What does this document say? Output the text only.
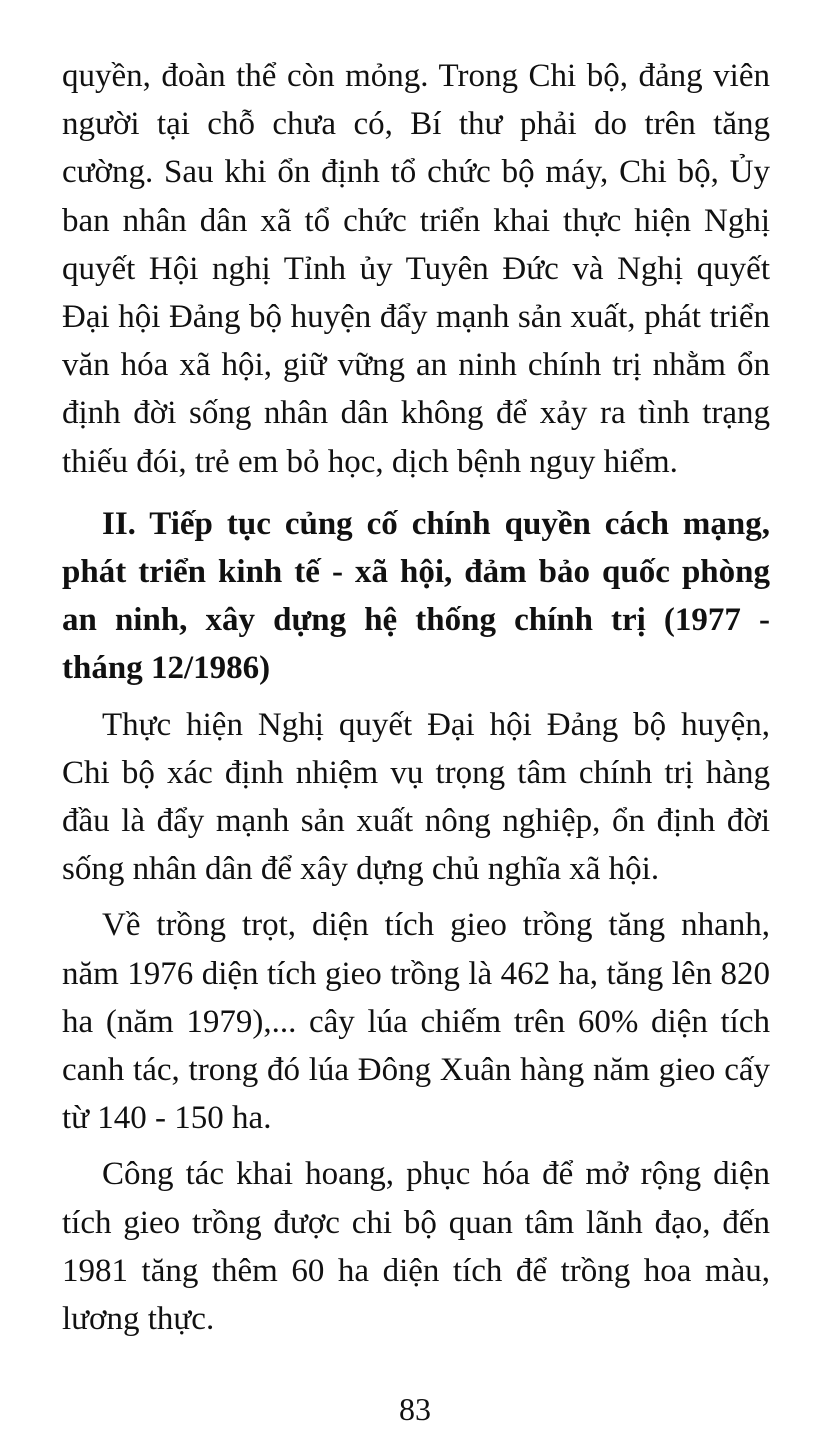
quyền, đoàn thể còn mỏng. Trong Chi bộ, đảng viên người tại chỗ chưa có, Bí thư phải do trên tăng cường. Sau khi ổn định tổ chức bộ máy, Chi bộ, Ủy ban nhân dân xã tổ chức triển khai thực hiện Nghị quyết Hội nghị Tỉnh ủy Tuyên Đức và Nghị quyết Đại hội Đảng bộ huyện đẩy mạnh sản xuất, phát triển văn hóa xã hội, giữ vững an ninh chính trị nhằm ổn định đời sống nhân dân không để xảy ra tình trạng thiếu đói, trẻ em bỏ học, dịch bệnh nguy hiểm.

II. Tiếp tục củng cố chính quyền cách mạng, phát triển kinh tế - xã hội, đảm bảo quốc phòng an ninh, xây dựng hệ thống chính trị (1977 - tháng 12/1986)

Thực hiện Nghị quyết Đại hội Đảng bộ huyện, Chi bộ xác định nhiệm vụ trọng tâm chính trị hàng đầu là đẩy mạnh sản xuất nông nghiệp, ổn định đời sống nhân dân để xây dựng chủ nghĩa xã hội.

Về trồng trọt, diện tích gieo trồng tăng nhanh, năm 1976 diện tích gieo trồng là 462 ha, tăng lên 820 ha (năm 1979),... cây lúa chiếm trên 60% diện tích canh tác, trong đó lúa Đông Xuân hàng năm gieo cấy từ 140 - 150 ha.

Công tác khai hoang, phục hóa để mở rộng diện tích gieo trồng được chi bộ quan tâm lãnh đạo, đến 1981 tăng thêm 60 ha diện tích để trồng hoa màu, lương thực.

83
